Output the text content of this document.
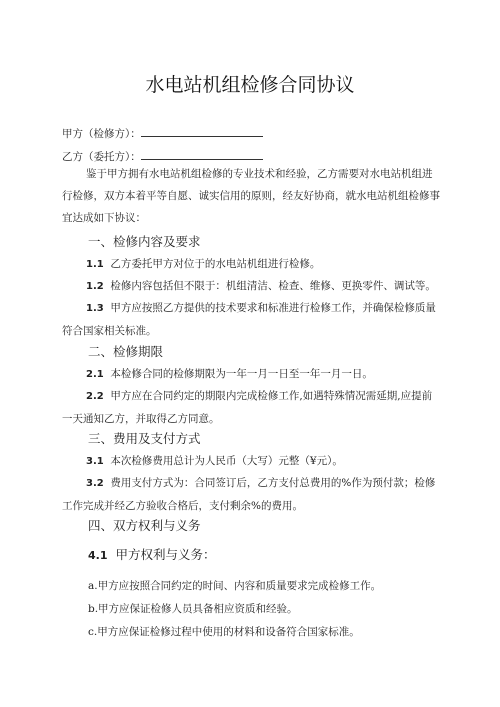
水电站机组检修合同协议
甲方（检修方）：
乙方（委托方）：
鉴于甲方拥有水电站机组检修的专业技术和经验，乙方需要对水电站机组进行检修，双方本着平等自愿、诚实信用的原则，经友好协商，就水电站机组检修事宜达成如下协议：
一、检修内容及要求
1.1 乙方委托甲方对位于的水电站机组进行检修。
1.2 检修内容包括但不限于：机组清洁、检查、维修、更换零件、调试等。
1.3 甲方应按照乙方提供的技术要求和标准进行检修工作，并确保检修质量符合国家相关标准。
二、检修期限
2.1 本检修合同的检修期限为一年一月一日至一年一月一日。
2.2 甲方应在合同约定的期限内完成检修工作,如遇特殊情况需延期,应提前一天通知乙方，并取得乙方同意。
三、费用及支付方式
3.1 本次检修费用总计为人民币（大写）元整（¥元）。
3.2 费用支付方式为：合同签订后，乙方支付总费用的%作为预付款；检修工作完成并经乙方验收合格后，支付剩余%的费用。
四、双方权利与义务
4.1 甲方权利与义务：
a.甲方应按照合同约定的时间、内容和质量要求完成检修工作。
b.甲方应保证检修人员具备相应资质和经验。
c.甲方应保证检修过程中使用的材料和设备符合国家标准。
